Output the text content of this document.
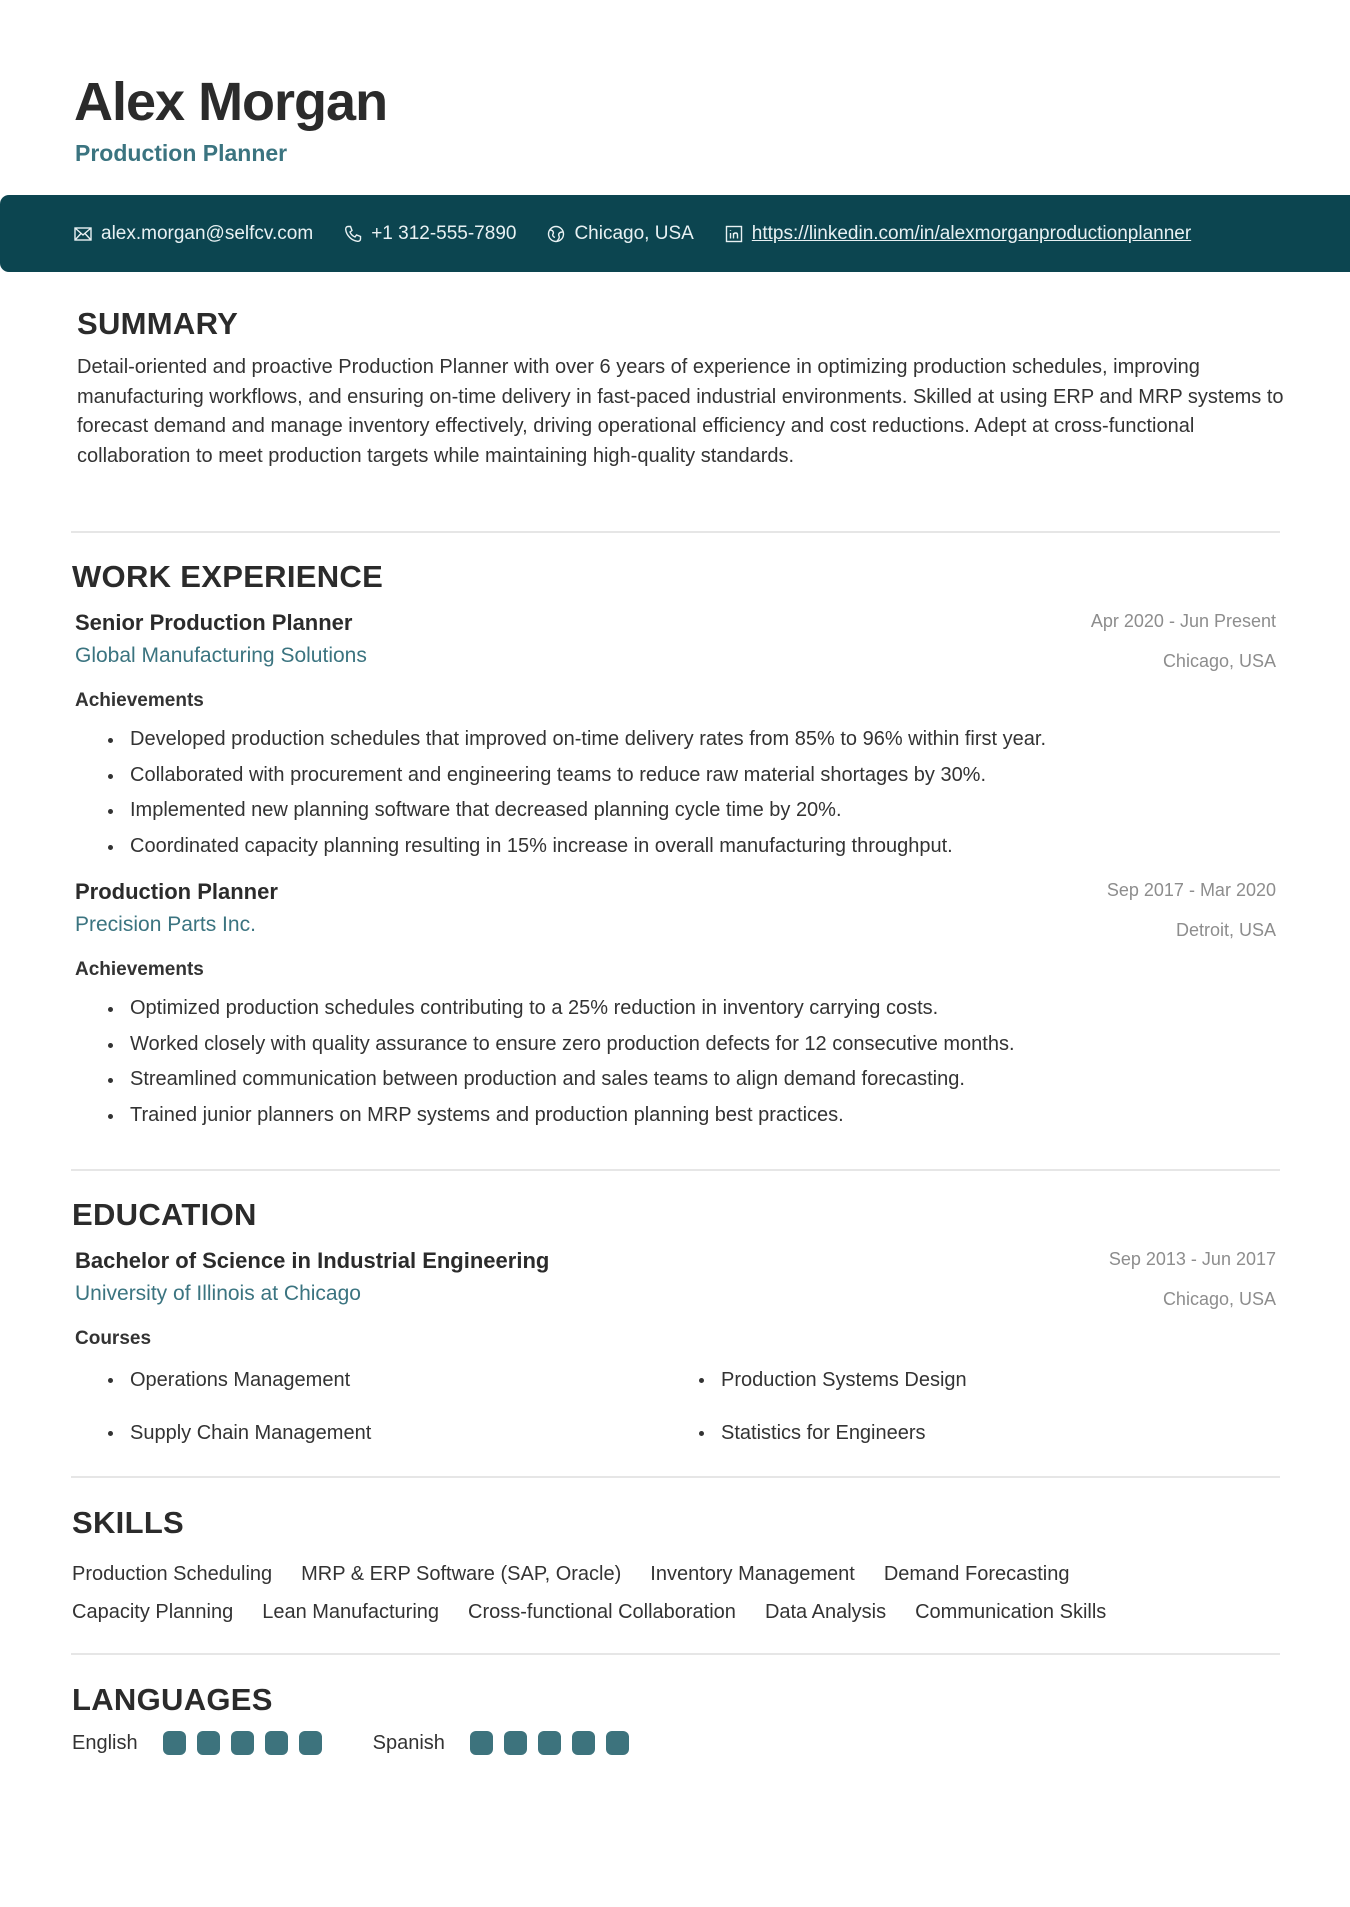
Alex Morgan
Production Planner
alex.morgan@selfcv.com	+1 312-555-7890	Chicago, USA	https://linkedin.com/in/alexmorganproductionplanner
SUMMARY
Detail-oriented and proactive Production Planner with over 6 years of experience in optimizing production schedules, improving manufacturing workflows, and ensuring on-time delivery in fast-paced industrial environments. Skilled at using ERP and MRP systems to forecast demand and manage inventory effectively, driving operational efficiency and cost reductions. Adept at cross-functional collaboration to meet production targets while maintaining high-quality standards.
WORK EXPERIENCE
Senior Production Planner
Global Manufacturing Solutions
Apr 2020 - Jun Present
Chicago, USA
Achievements
Developed production schedules that improved on-time delivery rates from 85% to 96% within first year.
Collaborated with procurement and engineering teams to reduce raw material shortages by 30%.
Implemented new planning software that decreased planning cycle time by 20%.
Coordinated capacity planning resulting in 15% increase in overall manufacturing throughput.
Production Planner
Precision Parts Inc.
Sep 2017 - Mar 2020
Detroit, USA
Achievements
Optimized production schedules contributing to a 25% reduction in inventory carrying costs.
Worked closely with quality assurance to ensure zero production defects for 12 consecutive months.
Streamlined communication between production and sales teams to align demand forecasting.
Trained junior planners on MRP systems and production planning best practices.
EDUCATION
Bachelor of Science in Industrial Engineering
University of Illinois at Chicago
Sep 2013 - Jun 2017
Chicago, USA
Courses
Operations Management	Production Systems Design
Supply Chain Management	Statistics for Engineers
SKILLS
Production Scheduling MRP & ERP Software (SAP, Oracle) Inventory Management Demand Forecasting
Capacity Planning Lean Manufacturing Cross-functional Collaboration Data Analysis Communication Skills
LANGUAGES
English	Spanish
